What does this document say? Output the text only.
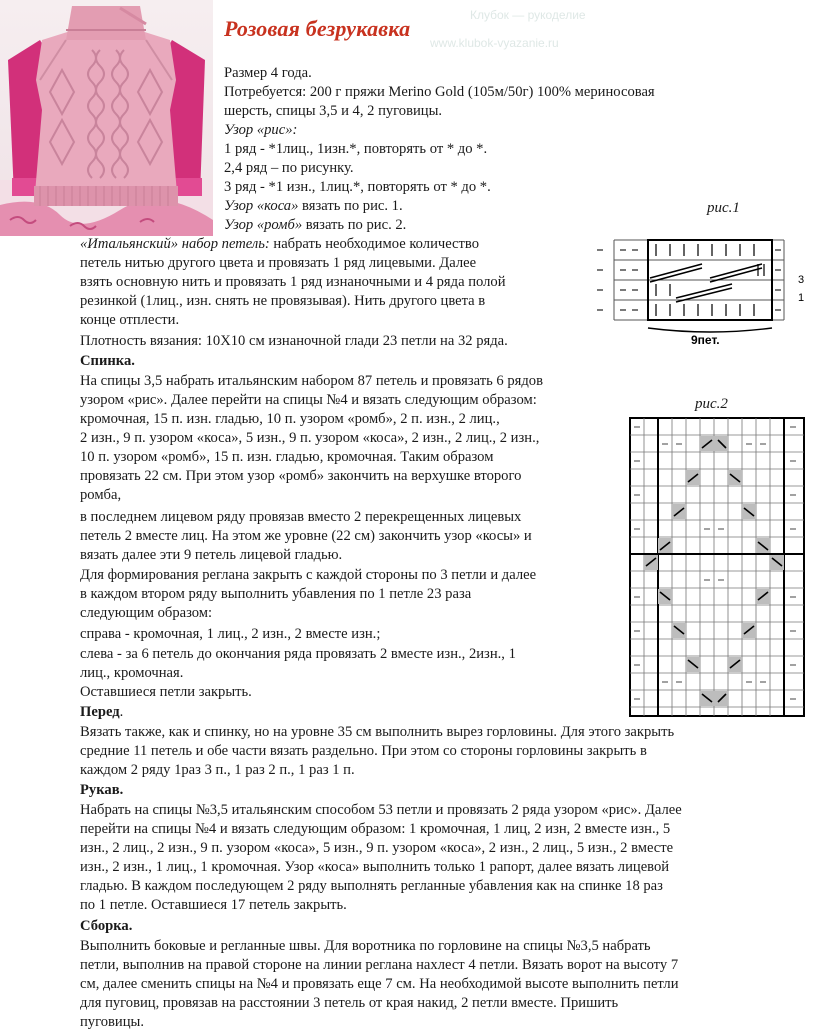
Клубок — рукоделие
www.klubok-vyazanie.ru
Розовая безрукавка
Размер 4 года.
Потребуется: 200 г пряжи Merino Gold (105м/50г) 100% мериносовая
шерсть, спицы 3,5 и 4, 2 пуговицы.
Узор «рис»:
1 ряд - *1лиц., 1изн.*, повторять от * до *.
2,4 ряд – по рисунку.
3 ряд - *1 изн., 1лиц.*, повторять от * до *.
Узор «коса» вязать по рис. 1.
Узор «ромб» вязать по рис. 2.
«Итальянский» набор петель: набрать необходимое количество
петель нитью другого цвета и провязать 1 ряд лицевыми. Далее
взять основную нить и провязать 1 ряд изнаночными и 4 ряда полой
резинкой (1лиц., изн. снять не провязывая). Нить другого цвета в
конце отплести.
Плотность вязания: 10Х10 см изнаночной глади 23 петли на 32 ряда.
Спинка.
На спицы 3,5 набрать итальянским набором 87 петель и провязать 6 рядов
узором «рис». Далее перейти на спицы №4 и вязать следующим образом:
кромочная, 15 п. изн. гладью, 10 п. узором «ромб», 2 п. изн., 2 лиц.,
2 изн., 9 п. узором «коса», 5 изн., 9 п. узором «коса», 2 изн., 2 лиц., 2 изн.,
10 п. узором «ромб», 15 п. изн. гладью, кромочная. Таким образом
провязать 22 см. При этом узор «ромб» закончить на верхушке второго
ромба,
в последнем лицевом ряду провязав вместо 2 перекрещенных лицевых
петель 2 вместе лиц. На этом же уровне (22 см) закончить узор «косы» и
вязать далее эти 9 петель лицевой гладью.
Для формирования реглана закрыть с каждой стороны по 3 петли и далее
в каждом втором ряду выполнить убавления по 1 петле 23 раза
следующим образом:
справа - кромочная, 1 лиц., 2 изн., 2 вместе изн.;
слева - за 6 петель до окончания ряда провязать 2 вместе изн., 2изн., 1
лиц., кромочная.
Оставшиеся петли закрыть.
Перед.
Вязать также, как и спинку, но на уровне 35 см выполнить вырез горловины. Для этого закрыть
средние 11 петель и обе части вязать раздельно. При этом со стороны горловины закрыть в
каждом 2 ряду 1раз 3 п., 1 раз 2 п., 1 раз 1 п.
Рукав.
Набрать на спицы №3,5 итальянским способом 53 петли и провязать 2 ряда узором «рис». Далее
перейти на спицы №4 и вязать следующим образом: 1 кромочная, 1 лиц, 2 изн, 2 вместе изн., 5
изн., 2 лиц., 2 изн., 9 п. узором «коса», 5 изн., 9 п. узором «коса», 2 изн., 2 лиц., 5 изн., 2 вместе
изн., 2 изн., 1 лиц., 1 кромочная. Узор «коса» выполнить только 1 рапорт, далее вязать лицевой
гладью. В каждом последующем 2 ряду выполнять регланные убавления как на спинке 18 раз
по 1 петле. Оставшиеся 17 петель закрыть.
Сборка.
Выполнить боковые и регланные швы. Для воротника по горловине на спицы №3,5 набрать
петли, выполнив на правой стороне на линии реглана нахлест 4 петли. Вязать ворот на высоту 7
см, далее сменить спицы на №4 и провязать еще 7 см. На необходимой высоте выполнить петли
для пуговиц, провязав на расстоянии 3 петель от края накид, 2 петли вместе. Пришить
пуговицы.
рис.1
3
1
9пет.
рис.2
